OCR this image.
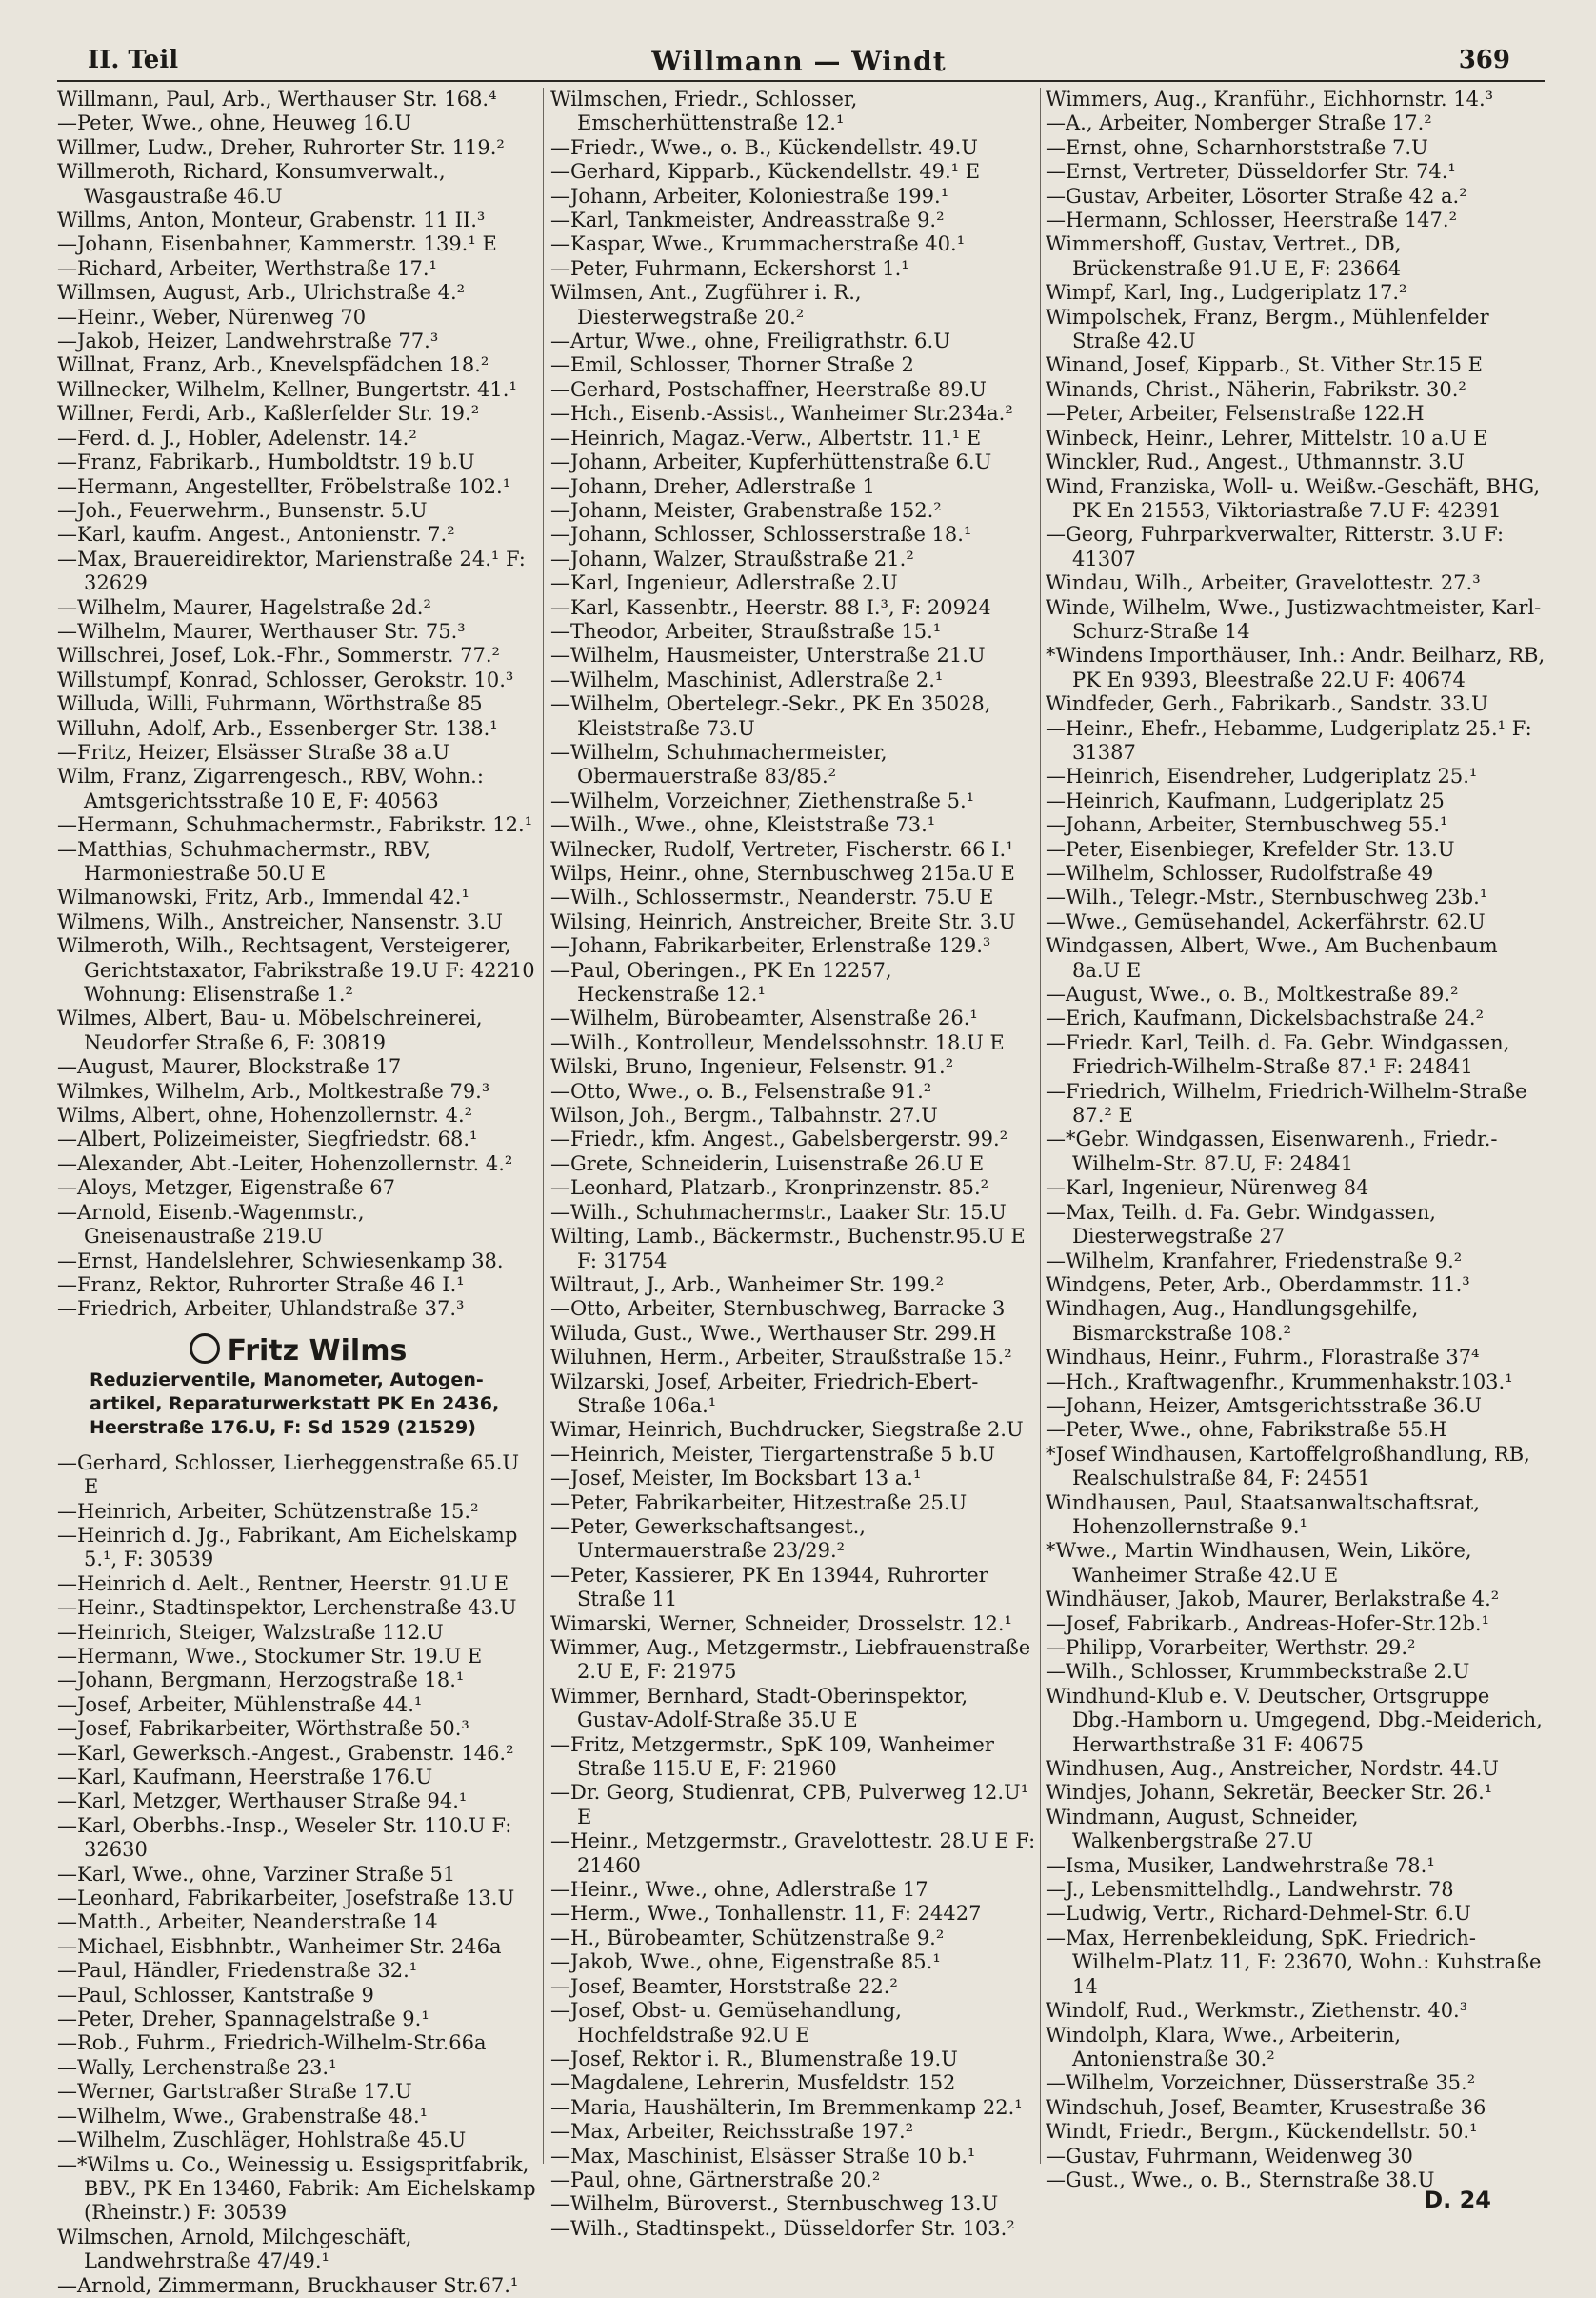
II. Teil	Willmann — Windt	369
Willmann, Paul, Arb., Werthauser Str. 168.⁴
—Peter, Wwe., ohne, Heuweg 16.U
Willmer, Ludw., Dreher, Ruhrorter Str. 119.²
Willmeroth, Richard, Konsumverwalt., Wasgaustraße 46.U
Willms, Anton, Monteur, Grabenstr. 11 II.³
—Johann, Eisenbahner, Kammerstr. 139.¹ E
—Richard, Arbeiter, Werthstraße 17.¹
Willmsen, August, Arb., Ulrichstraße 4.²
—Heinr., Weber, Nürenweg 70
—Jakob, Heizer, Landwehrstraße 77.³
Willnat, Franz, Arb., Knevelspfädchen 18.²
Willnecker, Wilhelm, Kellner, Bungertstr. 41.¹
Willner, Ferdi, Arb., Kaßlerfelder Str. 19.²
—Ferd. d. J., Hobler, Adelenstr. 14.²
—Franz, Fabrikarb., Humboldtstr. 19 b.U
—Hermann, Angestellter, Fröbelstraße 102.¹
—Joh., Feuerwehrm., Bunsenstr. 5.U
—Karl, kaufm. Angest., Antonienstr. 7.²
—Max, Brauereidirektor, Marienstraße 24.¹ F: 32629
—Wilhelm, Maurer, Hagelstraße 2d.²
—Wilhelm, Maurer, Werthauser Str. 75.³
Willschrei, Josef, Lok.-Fhr., Sommerstr. 77.²
Willstumpf, Konrad, Schlosser, Gerokstr. 10.³
Willuda, Willi, Fuhrmann, Wörthstraße 85
Willuhn, Adolf, Arb., Essenberger Str. 138.¹
—Fritz, Heizer, Elsässer Straße 38 a.U
Wilm, Franz, Zigarrengesch., RBV, Wohn.: Amtsgerichtsstraße 10 E, F: 40563
—Hermann, Schuhmachermstr., Fabrikstr. 12.¹
—Matthias, Schuhmachermstr., RBV, Harmoniestraße 50.U E
Wilmanowski, Fritz, Arb., Immendal 42.¹
Wilmens, Wilh., Anstreicher, Nansenstr. 3.U
Wilmeroth, Wilh., Rechtsagent, Versteigerer, Gerichtstaxator, Fabrikstraße 19.U F: 42210 Wohnung: Elisenstraße 1.²
Wilmes, Albert, Bau- u. Möbelschreinerei, Neudorfer Straße 6, F: 30819
—August, Maurer, Blockstraße 17
Wilmkes, Wilhelm, Arb., Moltkestraße 79.³
Wilms, Albert, ohne, Hohenzollernstr. 4.²
—Albert, Polizeimeister, Siegfriedstr. 68.¹
—Alexander, Abt.-Leiter, Hohenzollernstr. 4.²
—Aloys, Metzger, Eigenstraße 67
—Arnold, Eisenb.-Wagenmstr., Gneisenaustraße 219.U
—Ernst, Handelslehrer, Schwiesenkamp 38.
—Franz, Rektor, Ruhrorter Straße 46 I.¹
—Friedrich, Arbeiter, Uhlandstraße 37.³
Fritz Wilms
Reduzierventile, Manometer, Autogen-
artikel, Reparaturwerkstatt PK En 2436,
Heerstraße 176.U, F: Sd 1529 (21529)
—Gerhard, Schlosser, Lierheggenstraße 65.U E
—Heinrich, Arbeiter, Schützenstraße 15.²
—Heinrich d. Jg., Fabrikant, Am Eichelskamp 5.¹, F: 30539
—Heinrich d. Aelt., Rentner, Heerstr. 91.U E
—Heinr., Stadtinspektor, Lerchenstraße 43.U
—Heinrich, Steiger, Walzstraße 112.U
—Hermann, Wwe., Stockumer Str. 19.U E
—Johann, Bergmann, Herzogstraße 18.¹
—Josef, Arbeiter, Mühlenstraße 44.¹
—Josef, Fabrikarbeiter, Wörthstraße 50.³
—Karl, Gewerksch.-Angest., Grabenstr. 146.²
—Karl, Kaufmann, Heerstraße 176.U
—Karl, Metzger, Werthauser Straße 94.¹
—Karl, Oberbhs.-Insp., Weseler Str. 110.U F: 32630
—Karl, Wwe., ohne, Varziner Straße 51
—Leonhard, Fabrikarbeiter, Josefstraße 13.U
—Matth., Arbeiter, Neanderstraße 14
—Michael, Eisbhnbtr., Wanheimer Str. 246a
—Paul, Händler, Friedenstraße 32.¹
—Paul, Schlosser, Kantstraße 9
—Peter, Dreher, Spannagelstraße 9.¹
—Rob., Fuhrm., Friedrich-Wilhelm-Str.66a
—Wally, Lerchenstraße 23.¹
—Werner, Gartstraßer Straße 17.U
—Wilhelm, Wwe., Grabenstraße 48.¹
—Wilhelm, Zuschläger, Hohlstraße 45.U
—*Wilms u. Co., Weinessig u. Essigspritfabrik, BBV., PK En 13460, Fabrik: Am Eichelskamp (Rheinstr.) F: 30539
Wilmschen, Arnold, Milchgeschäft, Landwehrstraße 47/49.¹
—Arnold, Zimmermann, Bruckhauser Str.67.¹
Wilmschen, Friedr., Schlosser, Emscherhüttenstraße 12.¹
—Friedr., Wwe., o. B., Kückendellstr. 49.U
—Gerhard, Kipparb., Kückendellstr. 49.¹ E
—Johann, Arbeiter, Koloniestraße 199.¹
—Karl, Tankmeister, Andreasstraße 9.²
—Kaspar, Wwe., Krummacherstraße 40.¹
—Peter, Fuhrmann, Eckershorst 1.¹
Wilmsen, Ant., Zugführer i. R., Diesterwegstraße 20.²
—Artur, Wwe., ohne, Freiligrathstr. 6.U
—Emil, Schlosser, Thorner Straße 2
—Gerhard, Postschaffner, Heerstraße 89.U
—Hch., Eisenb.-Assist., Wanheimer Str.234a.²
—Heinrich, Magaz.-Verw., Albertstr. 11.¹ E
—Johann, Arbeiter, Kupferhüttenstraße 6.U
—Johann, Dreher, Adlerstraße 1
—Johann, Meister, Grabenstraße 152.²
—Johann, Schlosser, Schlosserstraße 18.¹
—Johann, Walzer, Straußstraße 21.²
—Karl, Ingenieur, Adlerstraße 2.U
—Karl, Kassenbtr., Heerstr. 88 I.³, F: 20924
—Theodor, Arbeiter, Straußstraße 15.¹
—Wilhelm, Hausmeister, Unterstraße 21.U
—Wilhelm, Maschinist, Adlerstraße 2.¹
—Wilhelm, Obertelegr.-Sekr., PK En 35028, Kleiststraße 73.U
—Wilhelm, Schuhmachermeister, Obermauerstraße 83/85.²
—Wilhelm, Vorzeichner, Ziethenstraße 5.¹
—Wilh., Wwe., ohne, Kleiststraße 73.¹
Wilnecker, Rudolf, Vertreter, Fischerstr. 66 I.¹
Wilps, Heinr., ohne, Sternbuschweg 215a.U E
—Wilh., Schlossermstr., Neanderstr. 75.U E
Wilsing, Heinrich, Anstreicher, Breite Str. 3.U
—Johann, Fabrikarbeiter, Erlenstraße 129.³
—Paul, Oberingen., PK En 12257, Heckenstraße 12.¹
—Wilhelm, Bürobeamter, Alsenstraße 26.¹
—Wilh., Kontrolleur, Mendelssohnstr. 18.U E
Wilski, Bruno, Ingenieur, Felsenstr. 91.²
—Otto, Wwe., o. B., Felsenstraße 91.²
Wilson, Joh., Bergm., Talbahnstr. 27.U
—Friedr., kfm. Angest., Gabelsbergerstr. 99.²
—Grete, Schneiderin, Luisenstraße 26.U E
—Leonhard, Platzarb., Kronprinzenstr. 85.²
—Wilh., Schuhmachermstr., Laaker Str. 15.U
Wilting, Lamb., Bäckermstr., Buchenstr.95.U E F: 31754
Wiltraut, J., Arb., Wanheimer Str. 199.²
—Otto, Arbeiter, Sternbuschweg, Barracke 3
Wiluda, Gust., Wwe., Werthauser Str. 299.H
Wiluhnen, Herm., Arbeiter, Straußstraße 15.²
Wilzarski, Josef, Arbeiter, Friedrich-Ebert-Straße 106a.¹
Wimar, Heinrich, Buchdrucker, Siegstraße 2.U
—Heinrich, Meister, Tiergartenstraße 5 b.U
—Josef, Meister, Im Bocksbart 13 a.¹
—Peter, Fabrikarbeiter, Hitzestraße 25.U
—Peter, Gewerkschaftsangest., Untermauerstraße 23/29.²
—Peter, Kassierer, PK En 13944, Ruhrorter Straße 11
Wimarski, Werner, Schneider, Drosselstr. 12.¹
Wimmer, Aug., Metzgermstr., Liebfrauenstraße 2.U E, F: 21975
Wimmer, Bernhard, Stadt-Oberinspektor, Gustav-Adolf-Straße 35.U E
—Fritz, Metzgermstr., SpK 109, Wanheimer Straße 115.U E, F: 21960
—Dr. Georg, Studienrat, CPB, Pulverweg 12.U¹ E
—Heinr., Metzgermstr., Gravelottestr. 28.U E F: 21460
—Heinr., Wwe., ohne, Adlerstraße 17
—Herm., Wwe., Tonhallenstr. 11, F: 24427
—H., Bürobeamter, Schützenstraße 9.²
—Jakob, Wwe., ohne, Eigenstraße 85.¹
—Josef, Beamter, Horststraße 22.²
—Josef, Obst- u. Gemüsehandlung, Hochfeldstraße 92.U E
—Josef, Rektor i. R., Blumenstraße 19.U
—Magdalene, Lehrerin, Musfeldstr. 152
—Maria, Haushälterin, Im Bremmenkamp 22.¹
—Max, Arbeiter, Reichsstraße 197.²
—Max, Maschinist, Elsässer Straße 10 b.¹
—Paul, ohne, Gärtnerstraße 20.²
—Wilhelm, Büroverst., Sternbuschweg 13.U
—Wilh., Stadtinspekt., Düsseldorfer Str. 103.²
Wimmers, Aug., Kranführ., Eichhornstr. 14.³
—A., Arbeiter, Nomberger Straße 17.²
—Ernst, ohne, Scharnhorststraße 7.U
—Ernst, Vertreter, Düsseldorfer Str. 74.¹
—Gustav, Arbeiter, Lösorter Straße 42 a.²
—Hermann, Schlosser, Heerstraße 147.²
Wimmershoff, Gustav, Vertret., DB, Brückenstraße 91.U E, F: 23664
Wimpf, Karl, Ing., Ludgeriplatz 17.²
Wimpolschek, Franz, Bergm., Mühlenfelder Straße 42.U
Winand, Josef, Kipparb., St. Vither Str.15 E
Winands, Christ., Näherin, Fabrikstr. 30.²
—Peter, Arbeiter, Felsenstraße 122.H
Winbeck, Heinr., Lehrer, Mittelstr. 10 a.U E
Winckler, Rud., Angest., Uthmannstr. 3.U
Wind, Franziska, Woll- u. Weißw.-Geschäft, BHG, PK En 21553, Viktoriastraße 7.U F: 42391
—Georg, Fuhrparkverwalter, Ritterstr. 3.U F: 41307
Windau, Wilh., Arbeiter, Gravelottestr. 27.³
Winde, Wilhelm, Wwe., Justizwachtmeister, Karl-Schurz-Straße 14
*Windens Importhäuser, Inh.: Andr. Beilharz, RB, PK En 9393, Bleestraße 22.U F: 40674
Windfeder, Gerh., Fabrikarb., Sandstr. 33.U
—Heinr., Ehefr., Hebamme, Ludgeriplatz 25.¹ F: 31387
—Heinrich, Eisendreher, Ludgeriplatz 25.¹
—Heinrich, Kaufmann, Ludgeriplatz 25
—Johann, Arbeiter, Sternbuschweg 55.¹
—Peter, Eisenbieger, Krefelder Str. 13.U
—Wilhelm, Schlosser, Rudolfstraße 49
—Wilh., Telegr.-Mstr., Sternbuschweg 23b.¹
—Wwe., Gemüsehandel, Ackerfährstr. 62.U
Windgassen, Albert, Wwe., Am Buchenbaum 8a.U E
—August, Wwe., o. B., Moltkestraße 89.²
—Erich, Kaufmann, Dickelsbachstraße 24.²
—Friedr. Karl, Teilh. d. Fa. Gebr. Windgassen, Friedrich-Wilhelm-Straße 87.¹ F: 24841
—Friedrich, Wilhelm, Friedrich-Wilhelm-Straße 87.² E
—*Gebr. Windgassen, Eisenwarenh., Friedr.-Wilhelm-Str. 87.U, F: 24841
—Karl, Ingenieur, Nürenweg 84
—Max, Teilh. d. Fa. Gebr. Windgassen, Diesterwegstraße 27
—Wilhelm, Kranfahrer, Friedenstraße 9.²
Windgens, Peter, Arb., Oberdammstr. 11.³
Windhagen, Aug., Handlungsgehilfe, Bismarckstraße 108.²
Windhaus, Heinr., Fuhrm., Florastraße 37⁴
—Hch., Kraftwagenfhr., Krummenhakstr.103.¹
—Johann, Heizer, Amtsgerichtsstraße 36.U
—Peter, Wwe., ohne, Fabrikstraße 55.H
*Josef Windhausen, Kartoffelgroßhandlung, RB, Realschulstraße 84, F: 24551
Windhausen, Paul, Staatsanwaltschaftsrat, Hohenzollernstraße 9.¹
*Wwe., Martin Windhausen, Wein, Liköre, Wanheimer Straße 42.U E
Windhäuser, Jakob, Maurer, Berlakstraße 4.²
—Josef, Fabrikarb., Andreas-Hofer-Str.12b.¹
—Philipp, Vorarbeiter, Werthstr. 29.²
—Wilh., Schlosser, Krummbeckstraße 2.U
Windhund-Klub e. V. Deutscher, Ortsgruppe Dbg.-Hamborn u. Umgegend, Dbg.-Meiderich, Herwarthstraße 31 F: 40675
Windhusen, Aug., Anstreicher, Nordstr. 44.U
Windjes, Johann, Sekretär, Beecker Str. 26.¹
Windmann, August, Schneider, Walkenbergstraße 27.U
—Isma, Musiker, Landwehrstraße 78.¹
—J., Lebensmittelhdlg., Landwehrstr. 78
—Ludwig, Vertr., Richard-Dehmel-Str. 6.U
—Max, Herrenbekleidung, SpK. Friedrich-Wilhelm-Platz 11, F: 23670, Wohn.: Kuhstraße 14
Windolf, Rud., Werkmstr., Ziethenstr. 40.³
Windolph, Klara, Wwe., Arbeiterin, Antonienstraße 30.²
—Wilhelm, Vorzeichner, Düsserstraße 35.²
Windschuh, Josef, Beamter, Krusestraße 36
Windt, Friedr., Bergm., Kückendellstr. 50.¹
—Gustav, Fuhrmann, Weidenweg 30
—Gust., Wwe., o. B., Sternstraße 38.U
D. 24
